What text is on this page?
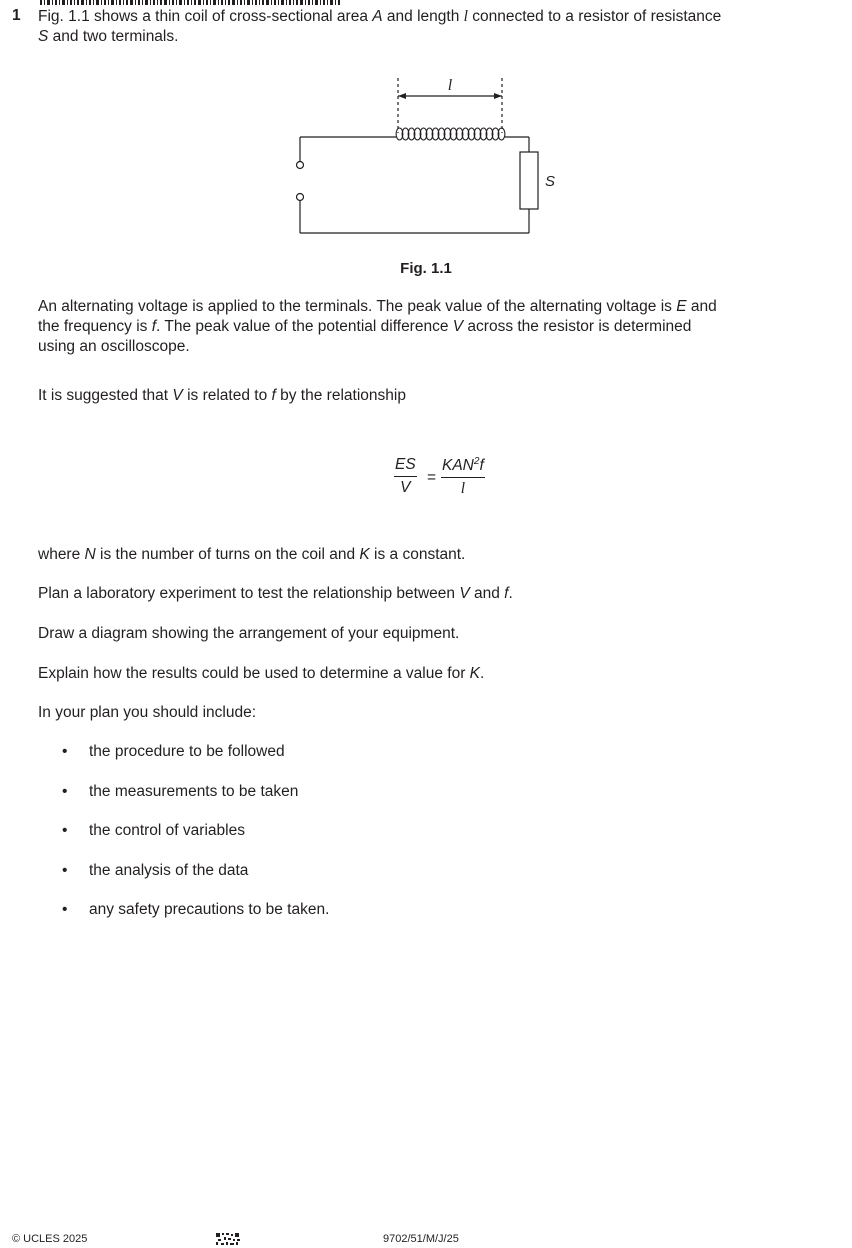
1 Fig. 1.1 shows a thin coil of cross-sectional area A and length l connected to a resistor of resistance
S and two terminals.

l
S
Fig. 1.1

An alternating voltage is applied to the terminals. The peak value of the alternating voltage is E and
the frequency is f. The peak value of the potential difference V across the resistor is determined
using an oscilloscope.

It is suggested that V is related to f by the relationship

$\frac{ES}{V}$ =
$KAN^2f$
l

where N is the number of turns on the coil and K is a constant.

Plan a laboratory experiment to test the relationship between V and f.

Draw a diagram showing the arrangement of your equipment.

Explain how the results could be used to determine a value for K.

In your plan you should include:

• the procedure to be followed

• the measurements to be taken

• the control of variables

• the analysis of the data

• any safety precautions to be taken.

© UCLES 2025	9702/51/M/J/25
